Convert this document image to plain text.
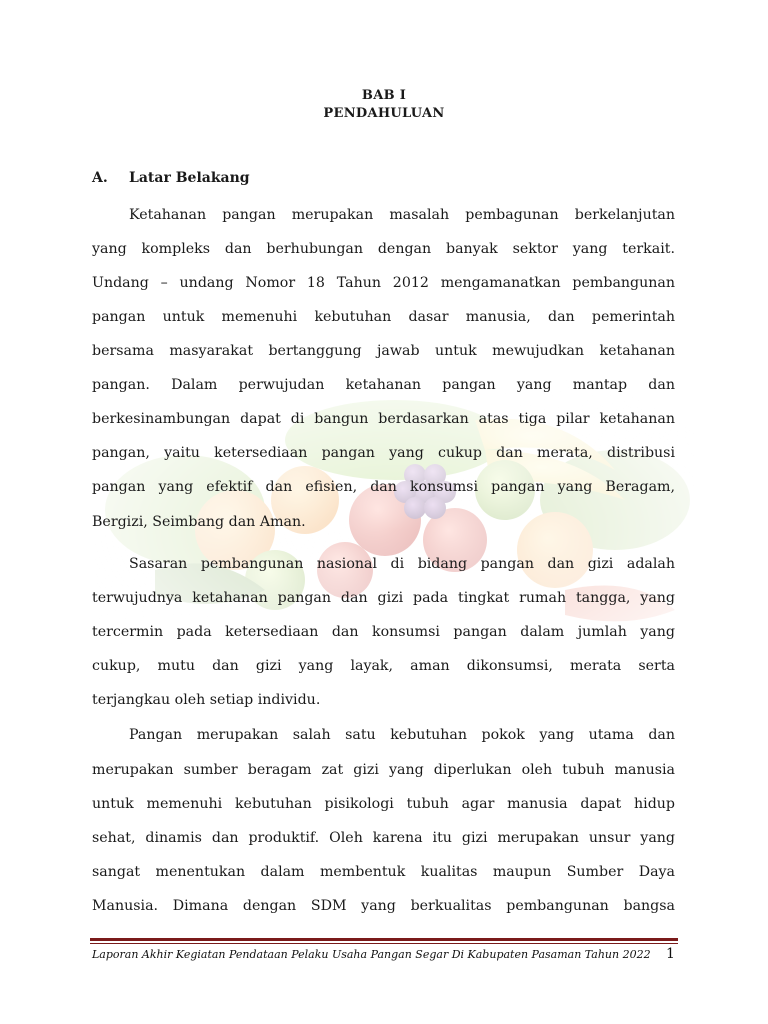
BAB I
PENDAHULUAN
A. Latar Belakang
Ketahanan pangan merupakan masalah pembagunan berkelanjutan
yang kompleks dan berhubungan dengan banyak sektor yang terkait.
Undang – undang Nomor 18 Tahun 2012 mengamanatkan pembangunan
pangan untuk memenuhi kebutuhan dasar manusia, dan pemerintah
bersama masyarakat bertanggung jawab untuk mewujudkan ketahanan
pangan. Dalam perwujudan ketahanan pangan yang mantap dan
berkesinambungan dapat di bangun berdasarkan atas tiga pilar ketahanan
pangan, yaitu ketersediaan pangan yang cukup dan merata, distribusi
pangan yang efektif dan efisien, dan konsumsi pangan yang Beragam,
Bergizi, Seimbang dan Aman.
Sasaran pembangunan nasional di bidang pangan dan gizi adalah
terwujudnya ketahanan pangan dan gizi pada tingkat rumah tangga, yang
tercermin pada ketersediaan dan konsumsi pangan dalam jumlah yang
cukup, mutu dan gizi yang layak, aman dikonsumsi, merata serta
terjangkau oleh setiap individu.
Pangan merupakan salah satu kebutuhan pokok yang utama dan
merupakan sumber beragam zat gizi yang diperlukan oleh tubuh manusia
untuk memenuhi kebutuhan pisikologi tubuh agar manusia dapat hidup
sehat, dinamis dan produktif. Oleh karena itu gizi merupakan unsur yang
sangat menentukan dalam membentuk kualitas maupun Sumber Daya
Manusia. Dimana dengan SDM yang berkualitas pembangunan bangsa
Laporan Akhir Kegiatan Pendataan Pelaku Usaha Pangan Segar Di Kabupaten Pasaman Tahun 2022 1
